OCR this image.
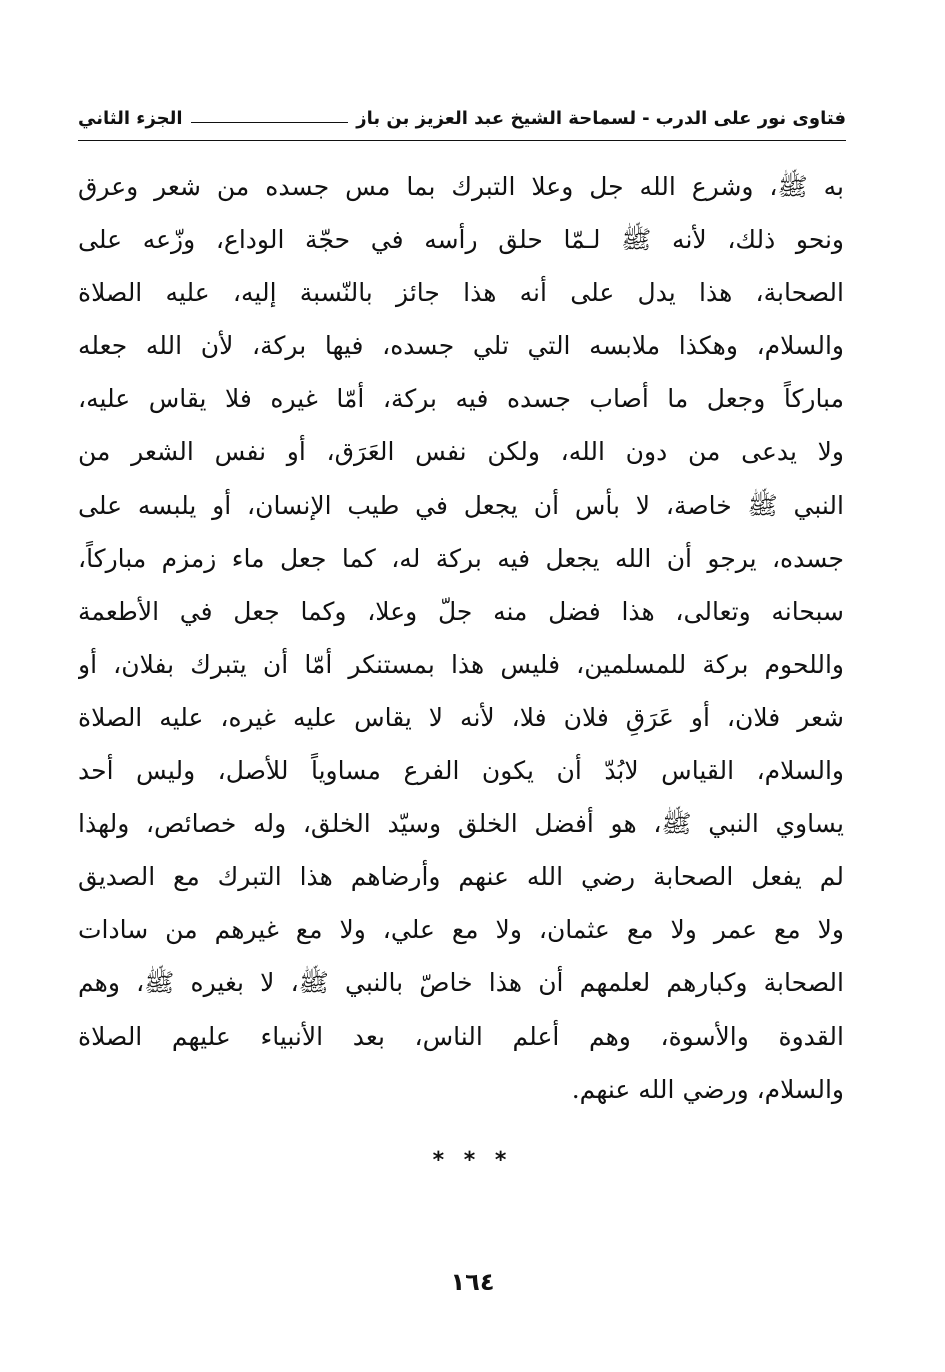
فتاوى نور على الدرب
-
لسماحة الشيخ عبد العزيز بن باز
الجزء الثاني
به ﷺ، وشرع الله جل وعلا التبرك بما مس جسده من شعر وعرق
ونحو ذلك، لأنه ﷺ لـمّا حلق رأسه في حجّة الوداع، وزّعه على
الصحابة، هذا يدل على أنه هذا جائز بالنّسبة إليه، عليه الصلاة
والسلام، وهكذا ملابسه التي تلي جسده، فيها بركة، لأن الله جعله
مباركاً وجعل ما أصاب جسده فيه بركة، أمّا غيره فلا يقاس عليه،
ولا يدعى من دون الله، ولكن نفس العَرَق، أو نفس الشعر من
النبي ﷺ خاصة، لا بأس أن يجعل في طيب الإنسان، أو يلبسه على
جسده، يرجو أن الله يجعل فيه بركة له، كما جعل ماء زمزم مباركاً،
سبحانه وتعالى، هذا فضل منه جلّ وعلا، وكما جعل في الأطعمة
واللحوم بركة للمسلمين، فليس هذا بمستنكر أمّا أن يتبرك بفلان، أو
شعر فلان، أو عَرَقِ فلان فلا، لأنه لا يقاس عليه غيره، عليه الصلاة
والسلام، القياس لابُدّ أن يكون الفرع مساوياً للأصل، وليس أحد
يساوي النبي ﷺ، هو أفضل الخلق وسيّد الخلق، وله خصائص، ولهذا
لم يفعل الصحابة رضي الله عنهم وأرضاهم هذا التبرك مع الصديق
ولا مع عمر ولا مع عثمان، ولا مع علي، ولا مع غيرهم من سادات
الصحابة وكبارهم لعلمهم أن هذا خاصّ بالنبي ﷺ، لا بغيره ﷺ، وهم
القدوة والأسوة، وهم أعلم الناس، بعد الأنبياء عليهم الصلاة
والسلام، ورضي الله عنهم.
* * *
١٦٤
